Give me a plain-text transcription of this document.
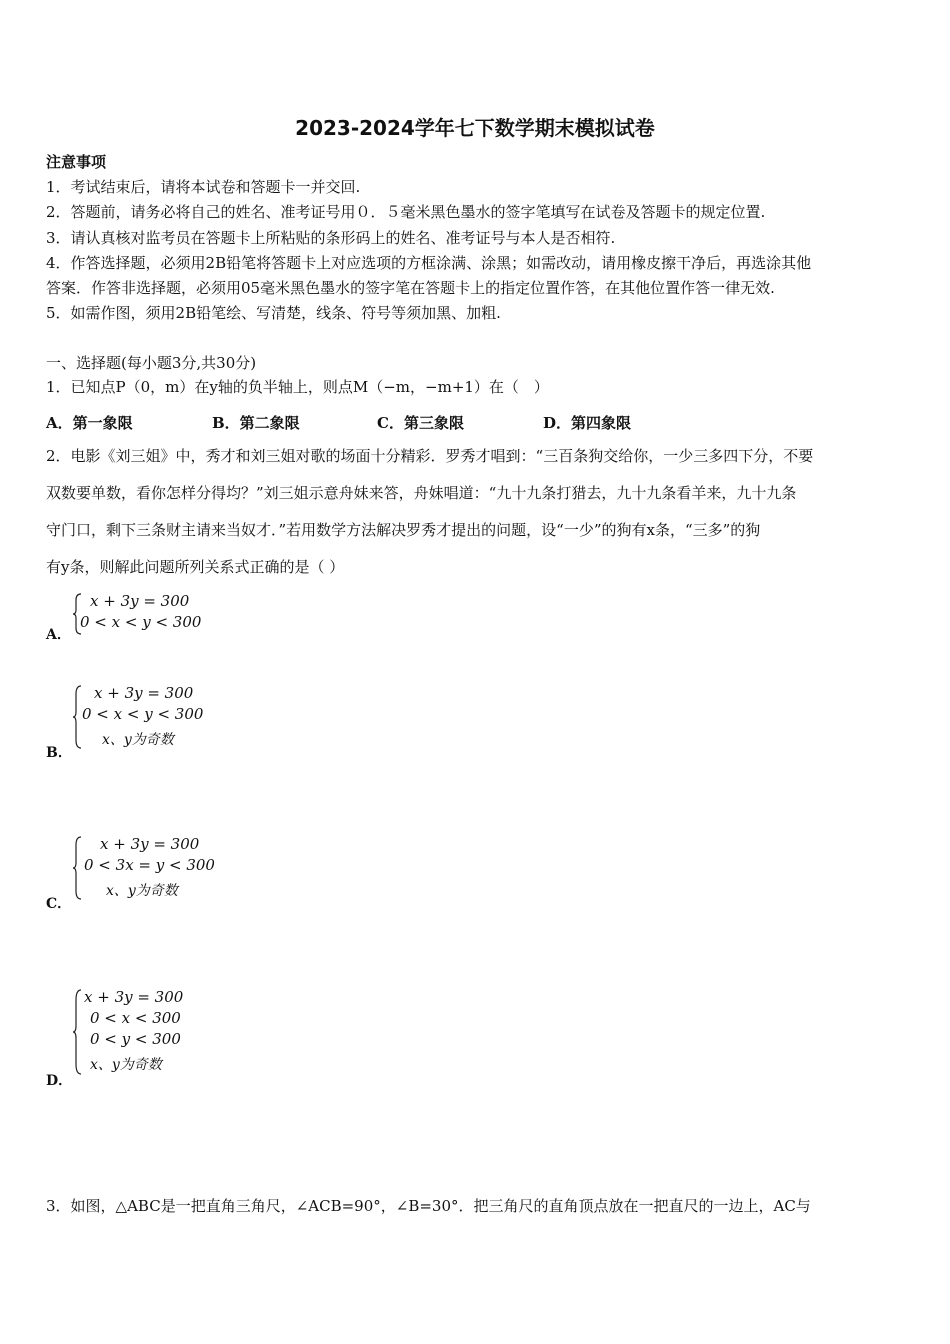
2023-2024学年七下数学期末模拟试卷
注意事项
1．考试结束后，请将本试卷和答题卡一并交回.
2．答题前，请务必将自己的姓名、准考证号用０．５毫米黑色墨水的签字笔填写在试卷及答题卡的规定位置.
3．请认真核对监考员在答题卡上所粘贴的条形码上的姓名、准考证号与本人是否相符.
4．作答选择题，必须用2B铅笔将答题卡上对应选项的方框涂满、涂黑；如需改动，请用橡皮擦干净后，再选涂其他
答案．作答非选择题，必须用05毫米黑色墨水的签字笔在答题卡上的指定位置作答，在其他位置作答一律无效.
5．如需作图，须用2B铅笔绘、写清楚，线条、符号等须加黑、加粗.
一、选择题(每小题3分,共30分)
1．已知点P（0，m）在y轴的负半轴上，则点M（−m，−m+1）在（　）
A．第一象限	B．第二象限	C．第三象限	D．第四象限
2．电影《刘三姐》中，秀才和刘三姐对歌的场面十分精彩．罗秀才唱到：“三百条狗交给你，一少三多四下分，不要
双数要单数，看你怎样分得均？”刘三姐示意舟妹来答，舟妹唱道：“九十九条打猎去，九十九条看羊来，九十九条
守门口，剩下三条财主请来当奴才．”若用数学方法解决罗秀才提出的问题，设“一少”的狗有x条，“三多”的狗
有y条，则解此问题所列关系式正确的是（ ）
A．
x + 3y = 300
0 < x < y < 300
B．
x + 3y = 300
0 < x < y < 300
x、y为奇数
C．
x + 3y = 300
0 < 3x = y < 300
x、y为奇数
D．
x + 3y = 300
0 < x < 300
0 < y < 300
x、y为奇数
3．如图，△ABC是一把直角三角尺，∠ACB=90°，∠B=30°．把三角尺的直角顶点放在一把直尺的一边上，AC与
